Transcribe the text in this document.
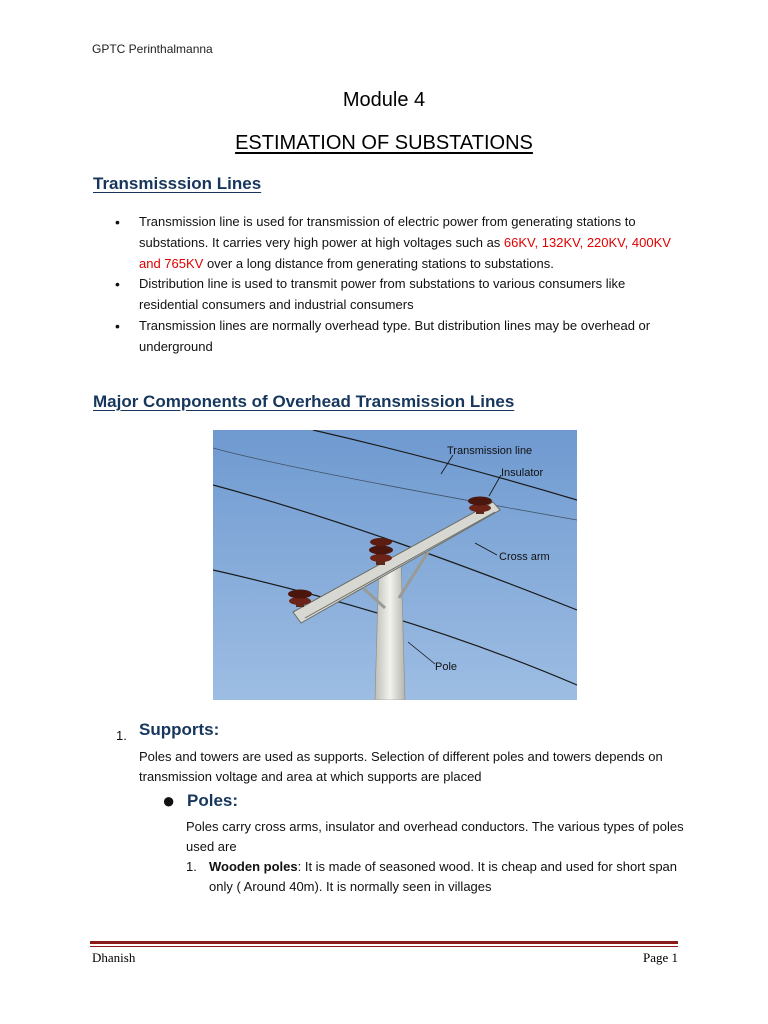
GPTC Perinthalmanna
Module 4
ESTIMATION OF SUBSTATIONS
Transmisssion Lines
• Transmission line is used for transmission of electric power from generating stations to substations. It carries very high power at high voltages such as 66KV, 132KV, 220KV, 400KV and 765KV over a long distance from generating stations to substations.
• Distribution line is used to transmit power from substations to various consumers like residential consumers and industrial consumers
• Transmission lines are normally overhead type. But distribution lines may be overhead or underground
Major Components of Overhead Transmission Lines
Transmission line
Insulator
Cross arm
Pole
1. Supports:
Poles and towers are used as supports. Selection of different poles and towers depends on transmission voltage and area at which supports are placed
● Poles:
Poles carry cross arms, insulator and overhead conductors. The various types of poles used are
1. Wooden poles: It is made of seasoned wood. It is cheap and used for short span only ( Around 40m). It is normally seen in villages
Dhanish	Page 1
